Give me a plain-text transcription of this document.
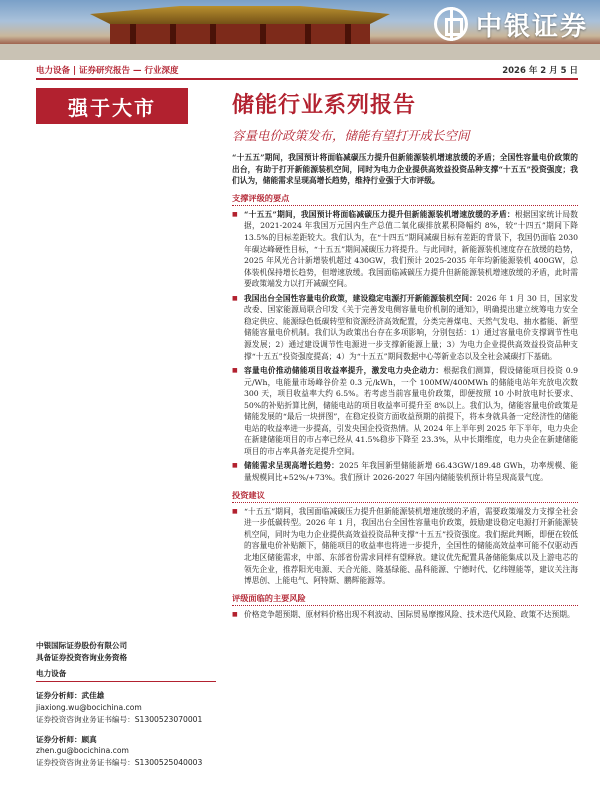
中银证券
电力设备 | 证券研究报告 — 行业深度	2026 年 2 月 5 日
强于大市	储能行业系列报告
容量电价政策发布，储能有望打开成长空间

“十五五”期间，我国预计将面临减碳压力提升但新能源装机增速放缓的矛盾；全国性容量电价政策的出台，有助于打开新能源装机空间，同时为电力企业提供高效益投资品种支撑“十五五”投资强度；我们认为，储能需求呈现高增长趋势，维持行业强于大市评级。

支撑评级的要点
■ “十五五”期间，我国预计将面临减碳压力提升但新能源装机增速放缓的矛盾：根据国家统计局数据，2021-2024 年我国万元国内生产总值二氧化碳排放累积降幅约 8%，较“十四五”期间下降 13.5%的目标差距较大。我们认为，在“十四五”期间减碳目标有差距的背景下，我国仍面临 2030 年碳达峰硬性目标，“十五五”期间减碳压力将提升。与此同时，新能源装机速度存在放缓的趋势，2025 年风光合计新增装机超过 430GW，我们预计 2025-2035 年年均新能源装机 400GW，总体装机保持增长趋势，但增速放缓。我国面临减碳压力提升但新能源装机增速放缓的矛盾，此时需要政策端发力以打开减碳空间。
■ 我国出台全国性容量电价政策，建设稳定电源打开新能源装机空间：2026 年 1 月 30 日，国家发改委、国家能源局联合印发《关于完善发电侧容量电价机制的通知》，明确提出建立统筹电力安全稳定供应、能源绿色低碳转型和资源经济高效配置，分类完善煤电、天然气发电、抽水蓄能、新型储能容量电价机制。我们认为政策出台存在多项影响，分别包括：1）通过容量电价支撑调节性电源发展；2）通过建设调节性电源进一步支撑新能源上量；3）为电力企业提供高效益投资品种支撑“十五五”投资强度提高；4）为“十五五”期间数据中心等新业态以及全社会减碳打下基础。
■ 容量电价推动储能项目收益率提升，激发电力央企动力：根据我们测算，假设储能项目投资 0.9 元/Wh，电能量市场峰谷价差 0.3 元/kWh，一个 100MW/400MWh 的储能电站年充放电次数 300 天，项目收益率大约 6.5%。若考虑当前容量电价政策，即便按照 10 小时放电时长要求、50%的补贴折算比例，储能电站的项目收益率可提升至 8%以上。我们认为，储能容量电价政策是储能发展的“最后一块拼图”，在稳定投资方面收益预期的前提下，将本身就具备一定经济性的储能电站的收益率进一步提高，引发央国企投资热情。从 2024 年上半年到 2025 年下半年，电力央企在新建储能项目的市占率已经从 41.5%稳步下降至 23.3%，从中长期维度，电力央企在新建储能项目的市占率具备充足提升空间。
■ 储能需求呈现高增长趋势：2025 年我国新型储能新增 66.43GW/189.48 GWh，功率规模、能量规模同比+52%/+73%。我们预计 2026-2027 年国内储能装机预计将呈现高景气度。
投资建议
■ “十五五”期间，我国面临减碳压力提升但新能源装机增速放缓的矛盾，需要政策端发力支撑全社会进一步低碳转型。2026 年 1 月，我国出台全国性容量电价政策，鼓励建设稳定电源打开新能源装机空间，同时为电力企业提供高效益投资品种支撑“十五五”投资强度。我们据此判断，即便在较低的容量电价补贴额下，储能项目的收益率也将进一步提升，全国性的储能高效益率可能不仅驱动西北地区储能需求，中部、东部省份需求同样有望释放。建议优先配置具备储能集成以及上游电芯的领先企业，推荐阳光电源、天合光能、隆基绿能、晶科能源、宁德时代、亿纬锂能等，建议关注海博思创、上能电气、阿特斯、鹏辉能源等。
评级面临的主要风险
■ 价格竞争超预期、原材料价格出现不利波动、国际贸易摩擦风险、技术迭代风险、政策不达预期。
中银国际证券股份有限公司
具备证券投资咨询业务资格
电力设备
证券分析师：武佳雄
jiaxiong.wu@bocichina.com
证券投资咨询业务证书编号：S1300523070001
证券分析师：顾真
zhen.gu@bocichina.com
证券投资咨询业务证书编号：S1300525040003
